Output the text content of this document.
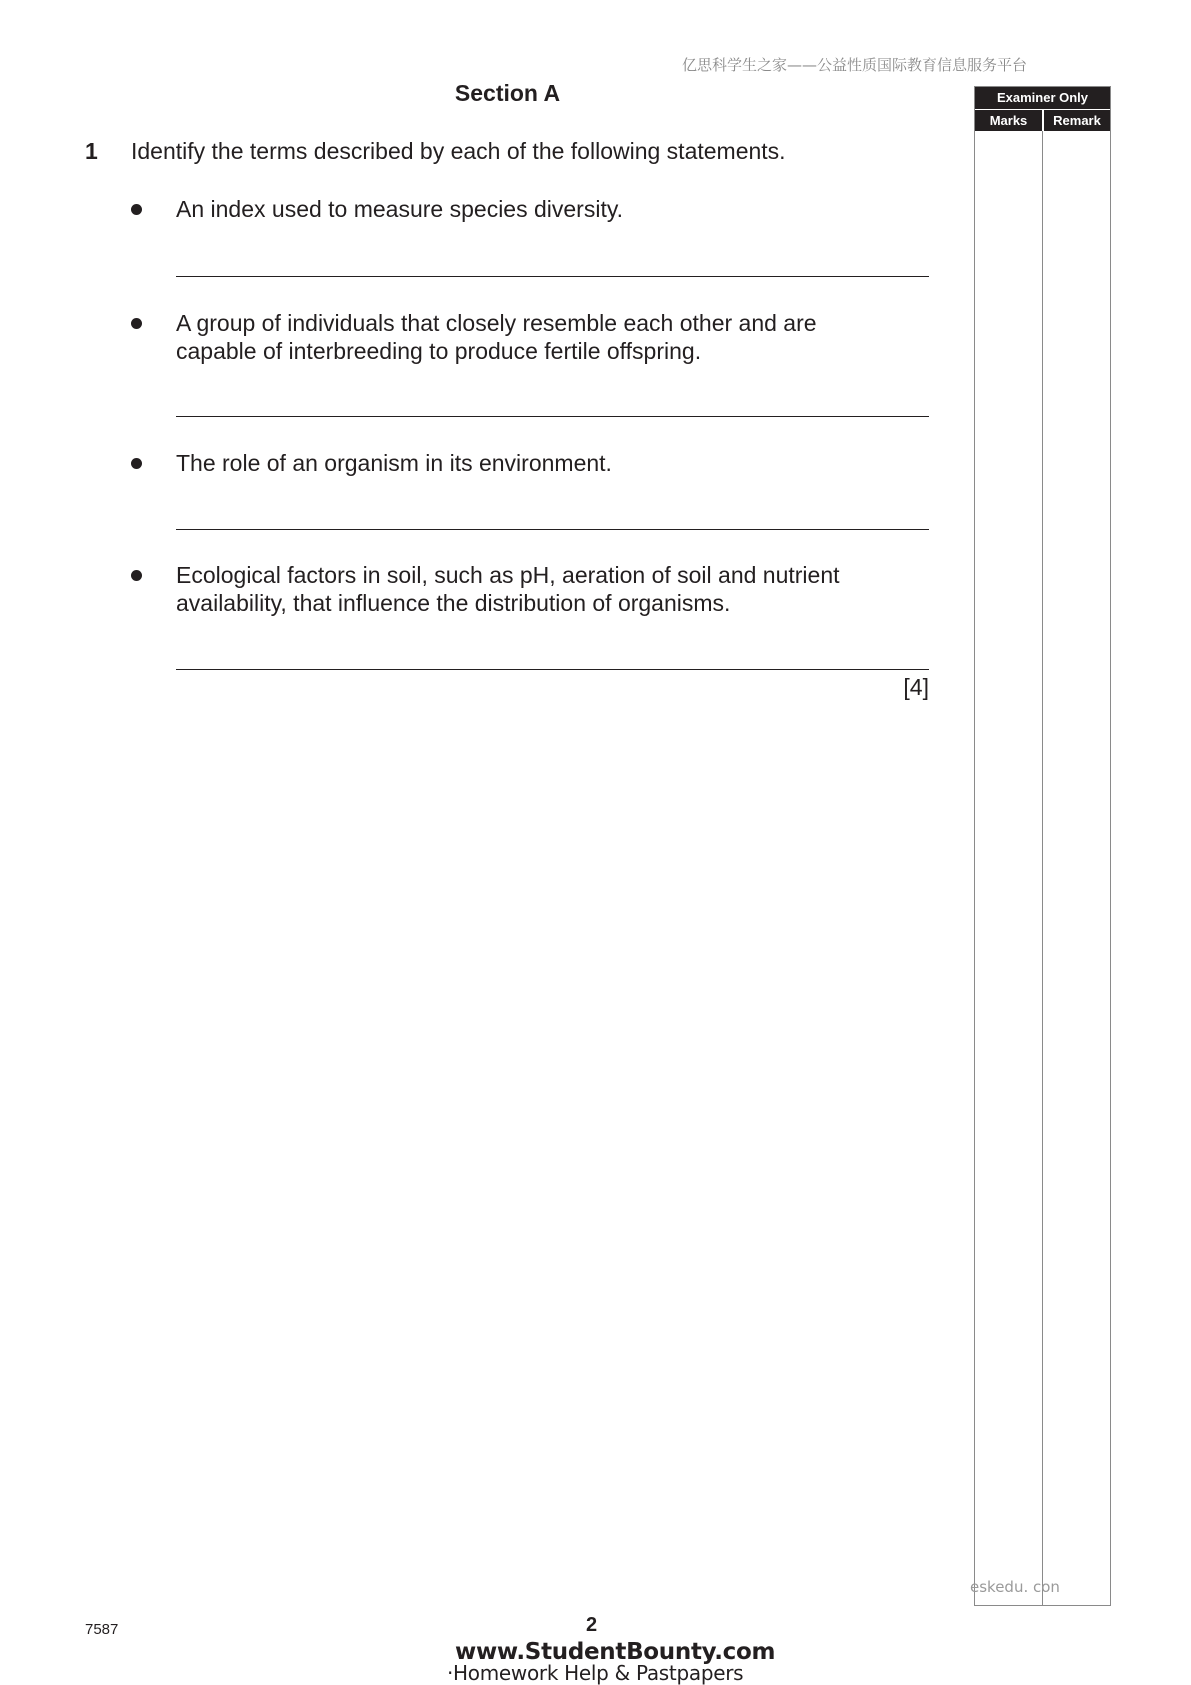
亿思科学生之家——公益性质国际教育信息服务平台
Section A
1 Identify the terms described by each of the following statements.
An index used to measure species diversity.
A group of individuals that closely resemble each other and are capable of interbreeding to produce fertile offspring.
The role of an organism in its environment.
Ecological factors in soil, such as pH, aeration of soil and nutrient availability, that influence the distribution of organisms.
[4]
Examiner Only
Marks	Remark
eskedu. con
7587	2
www.StudentBounty.com
·Homework Help & Pastpapers
